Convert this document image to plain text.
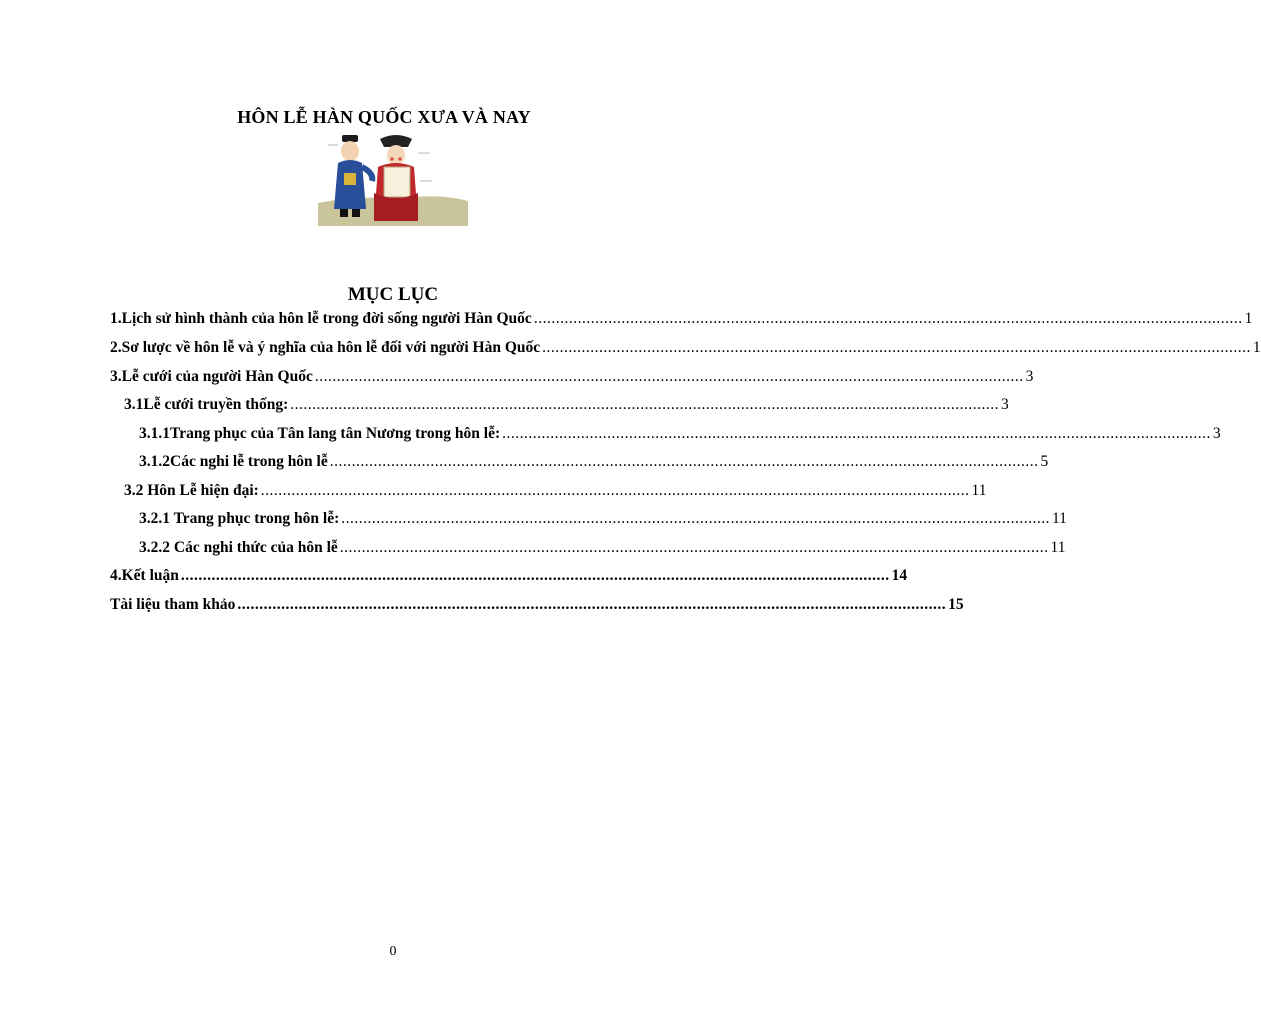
HÔN LỄ HÀN QUỐC XƯA VÀ NAY
MỤC LỤC
1. Lịch sử hình thành của hôn lễ trong đời sống người Hàn Quốc .................................................................................................................................................................. 1
2. Sơ lược về hôn lễ và ý nghĩa của hôn lễ đối với người Hàn Quốc .................................................................................................................................................................. 1
3. Lễ cưới của người Hàn Quốc .................................................................................................................................................................. 3
3.1 Lễ cưới truyền thống: .................................................................................................................................................................. 3
3.1.1 Trang phục của Tân lang tân Nương trong hôn lễ: .................................................................................................................................................................. 3
3.1.2 Các nghi lễ trong hôn lễ .................................................................................................................................................................. 5
3.2 Hôn Lễ hiện đại: .................................................................................................................................................................. 11
3.2.1 Trang phục trong hôn lễ: .................................................................................................................................................................. 11
3.2.2 Các nghi thức của hôn lễ .................................................................................................................................................................. 11
4. Kết luận .................................................................................................................................................................. 14
Tài liệu tham khảo .................................................................................................................................................................. 15
0
